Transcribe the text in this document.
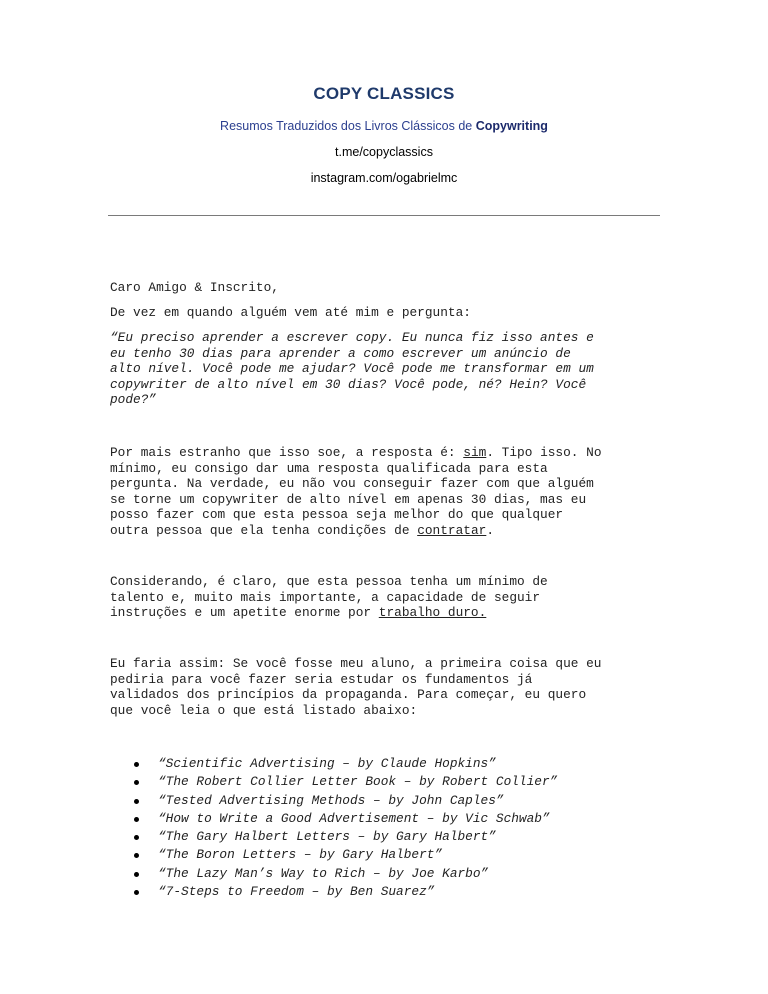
COPY CLASSICS
Resumos Traduzidos dos Livros Clássicos de Copywriting
t.me/copyclassics
instagram.com/ogabrielmc

Caro Amigo & Inscrito,

De vez em quando alguém vem até mim e pergunta:

“Eu preciso aprender a escrever copy. Eu nunca fiz isso antes e
eu tenho 30 dias para aprender a como escrever um anúncio de
alto nível. Você pode me ajudar? Você pode me transformar em um
copywriter de alto nível em 30 dias? Você pode, né? Hein? Você
pode?”

Por mais estranho que isso soe, a resposta é: sim. Tipo isso. No
mínimo, eu consigo dar uma resposta qualificada para esta
pergunta. Na verdade, eu não vou conseguir fazer com que alguém
se torne um copywriter de alto nível em apenas 30 dias, mas eu
posso fazer com que esta pessoa seja melhor do que qualquer
outra pessoa que ela tenha condições de contratar.

Considerando, é claro, que esta pessoa tenha um mínimo de
talento e, muito mais importante, a capacidade de seguir
instruções e um apetite enorme por trabalho duro.

Eu faria assim: Se você fosse meu aluno, a primeira coisa que eu
pediria para você fazer seria estudar os fundamentos já
validados dos princípios da propaganda. Para começar, eu quero
que você leia o que está listado abaixo:

“Scientific Advertising – by Claude Hopkins”
“The Robert Collier Letter Book – by Robert Collier”
“Tested Advertising Methods – by John Caples”
“How to Write a Good Advertisement – by Vic Schwab”
“The Gary Halbert Letters – by Gary Halbert”
“The Boron Letters – by Gary Halbert”
“The Lazy Man’s Way to Rich – by Joe Karbo”
“7-Steps to Freedom – by Ben Suarez”
